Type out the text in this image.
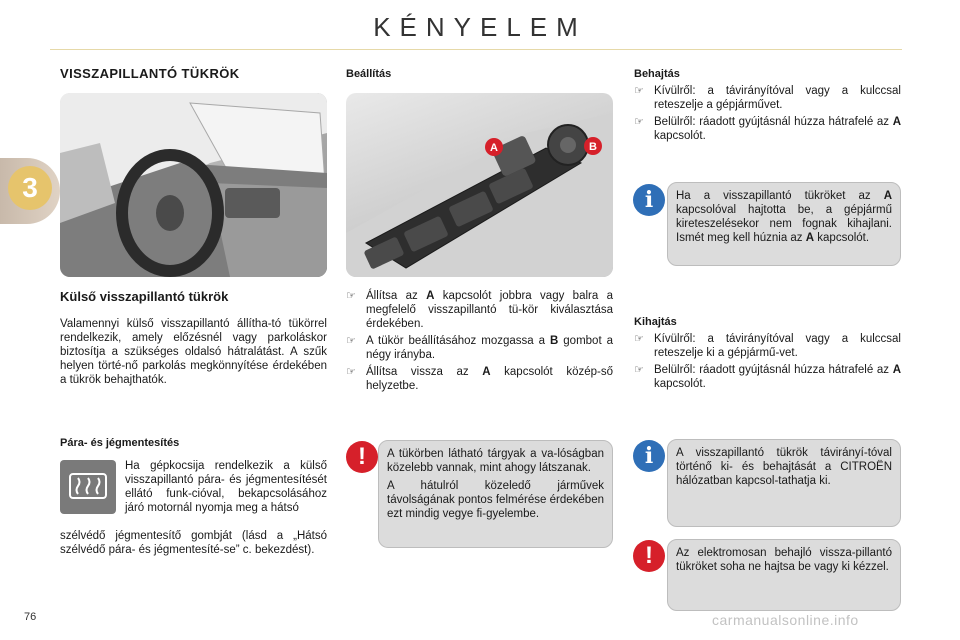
KÉNYELEM
3
VISSZAPILLANTÓ TÜKRÖK
Külső visszapillantó tükrök
Valamennyi külső visszapillantó állítha-tó tükörrel rendelkezik, amely előzésnél vagy parkoláskor biztosítja a szükséges oldalsó hátralátást. A szűk helyen törté-nő parkolás megkönnyítése érdekében a tükrök behajthatók.
Pára- és jégmentesítés
Ha gépkocsija rendelkezik a külső visszapillantó pára- és jégmentesítését ellátó funk-cióval, bekapcsolásához járó motornál nyomja meg a hátsó
szélvédő jégmentesítő gombját (lásd a „Hátsó szélvédő pára- és jégmentesíté-se” c. bekezdést).
Beállítás
A	B
☞ Állítsa az A kapcsolót jobbra vagy balra a megfelelő visszapillantó tü-kör kiválasztása érdekében.
☞ A tükör beállításához mozgassa a B gombot a négy irányba.
☞ Állítsa vissza az A kapcsolót közép-ső helyzetbe.

A tükörben látható tárgyak a va-lóságban közelebb vannak, mint ahogy látszanak.

A hátulról közeledő járművek távolságának pontos felmérése érdekében ezt mindig vegye fi-gyelembe.

!
Behajtás
☞ Kívülről: a távirányítóval vagy a kulccsal reteszelje a gépjárművet.
☞ Belülről: ráadott gyújtásnál húzza hátrafelé az A kapcsolót.
i	Ha a visszapillantó tükröket az A kapcsolóval hajtotta be, a gépjármű kireteszelésekor nem fognak kihajlani. Ismét meg kell húznia az A kapcsolót.
Kihajtás
☞ Kívülről: a távirányítóval vagy a kulccsal reteszelje ki a gépjármű-vet.
☞ Belülről: ráadott gyújtásnál húzza hátrafelé az A kapcsolót.
i	A visszapillantó tükrök távirányí-tóval történő ki- és behajtását a CITROËN hálózatban kapcsol-tathatja ki.
!	Az elektromosan behajló vissza-pillantó tükröket soha ne hajtsa be vagy ki kézzel.
76	carmanualsonline.info
